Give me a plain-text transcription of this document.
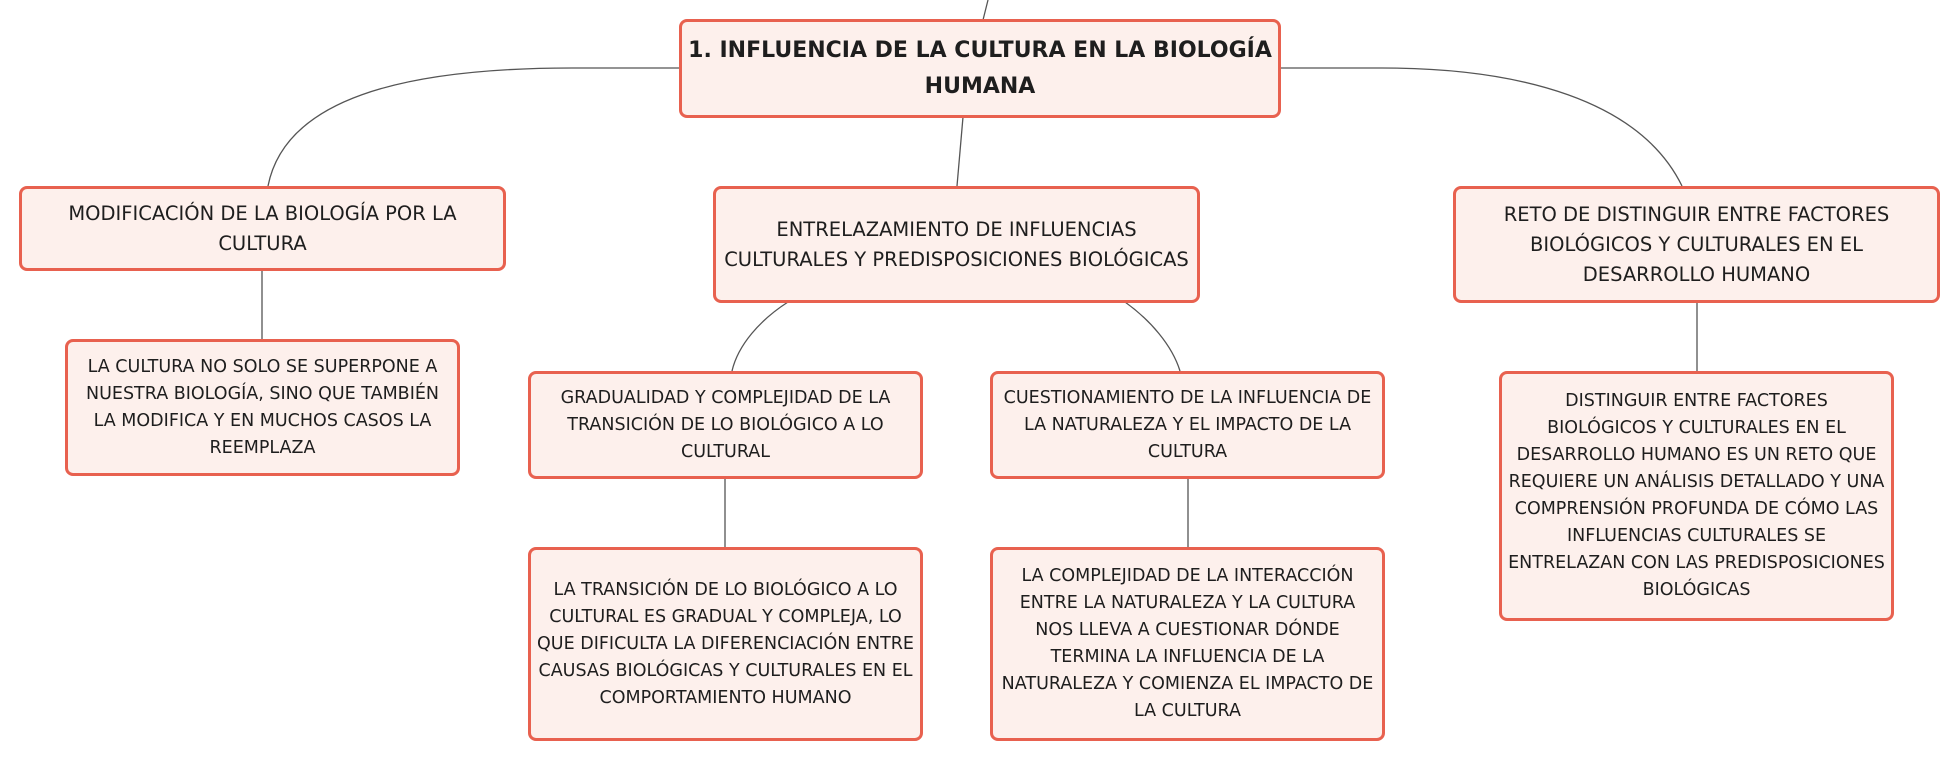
1. INFLUENCIA DE LA CULTURA EN LA BIOLOGÍA HUMANA
MODIFICACIÓN DE LA BIOLOGÍA POR LA CULTURA
ENTRELAZAMIENTO DE INFLUENCIAS CULTURALES Y PREDISPOSICIONES BIOLÓGICAS
RETO DE DISTINGUIR ENTRE FACTORES BIOLÓGICOS Y CULTURALES EN EL DESARROLLO HUMANO
LA CULTURA NO SOLO SE SUPERPONE A NUESTRA BIOLOGÍA, SINO QUE TAMBIÉN LA MODIFICA Y EN MUCHOS CASOS LA REEMPLAZA
GRADUALIDAD Y COMPLEJIDAD DE LA TRANSICIÓN DE LO BIOLÓGICO A LO CULTURAL
CUESTIONAMIENTO DE LA INFLUENCIA DE LA NATURALEZA Y EL IMPACTO DE LA CULTURA
DISTINGUIR ENTRE FACTORES BIOLÓGICOS Y CULTURALES EN EL DESARROLLO HUMANO ES UN RETO QUE REQUIERE UN ANÁLISIS DETALLADO Y UNA COMPRENSIÓN PROFUNDA DE CÓMO LAS INFLUENCIAS CULTURALES SE ENTRELAZAN CON LAS PREDISPOSICIONES BIOLÓGICAS
LA TRANSICIÓN DE LO BIOLÓGICO A LO CULTURAL ES GRADUAL Y COMPLEJA, LO QUE DIFICULTA LA DIFERENCIACIÓN ENTRE CAUSAS BIOLÓGICAS Y CULTURALES EN EL COMPORTAMIENTO HUMANO
LA COMPLEJIDAD DE LA INTERACCIÓN ENTRE LA NATURALEZA Y LA CULTURA NOS LLEVA A CUESTIONAR DÓNDE TERMINA LA INFLUENCIA DE LA NATURALEZA Y COMIENZA EL IMPACTO DE LA CULTURA
